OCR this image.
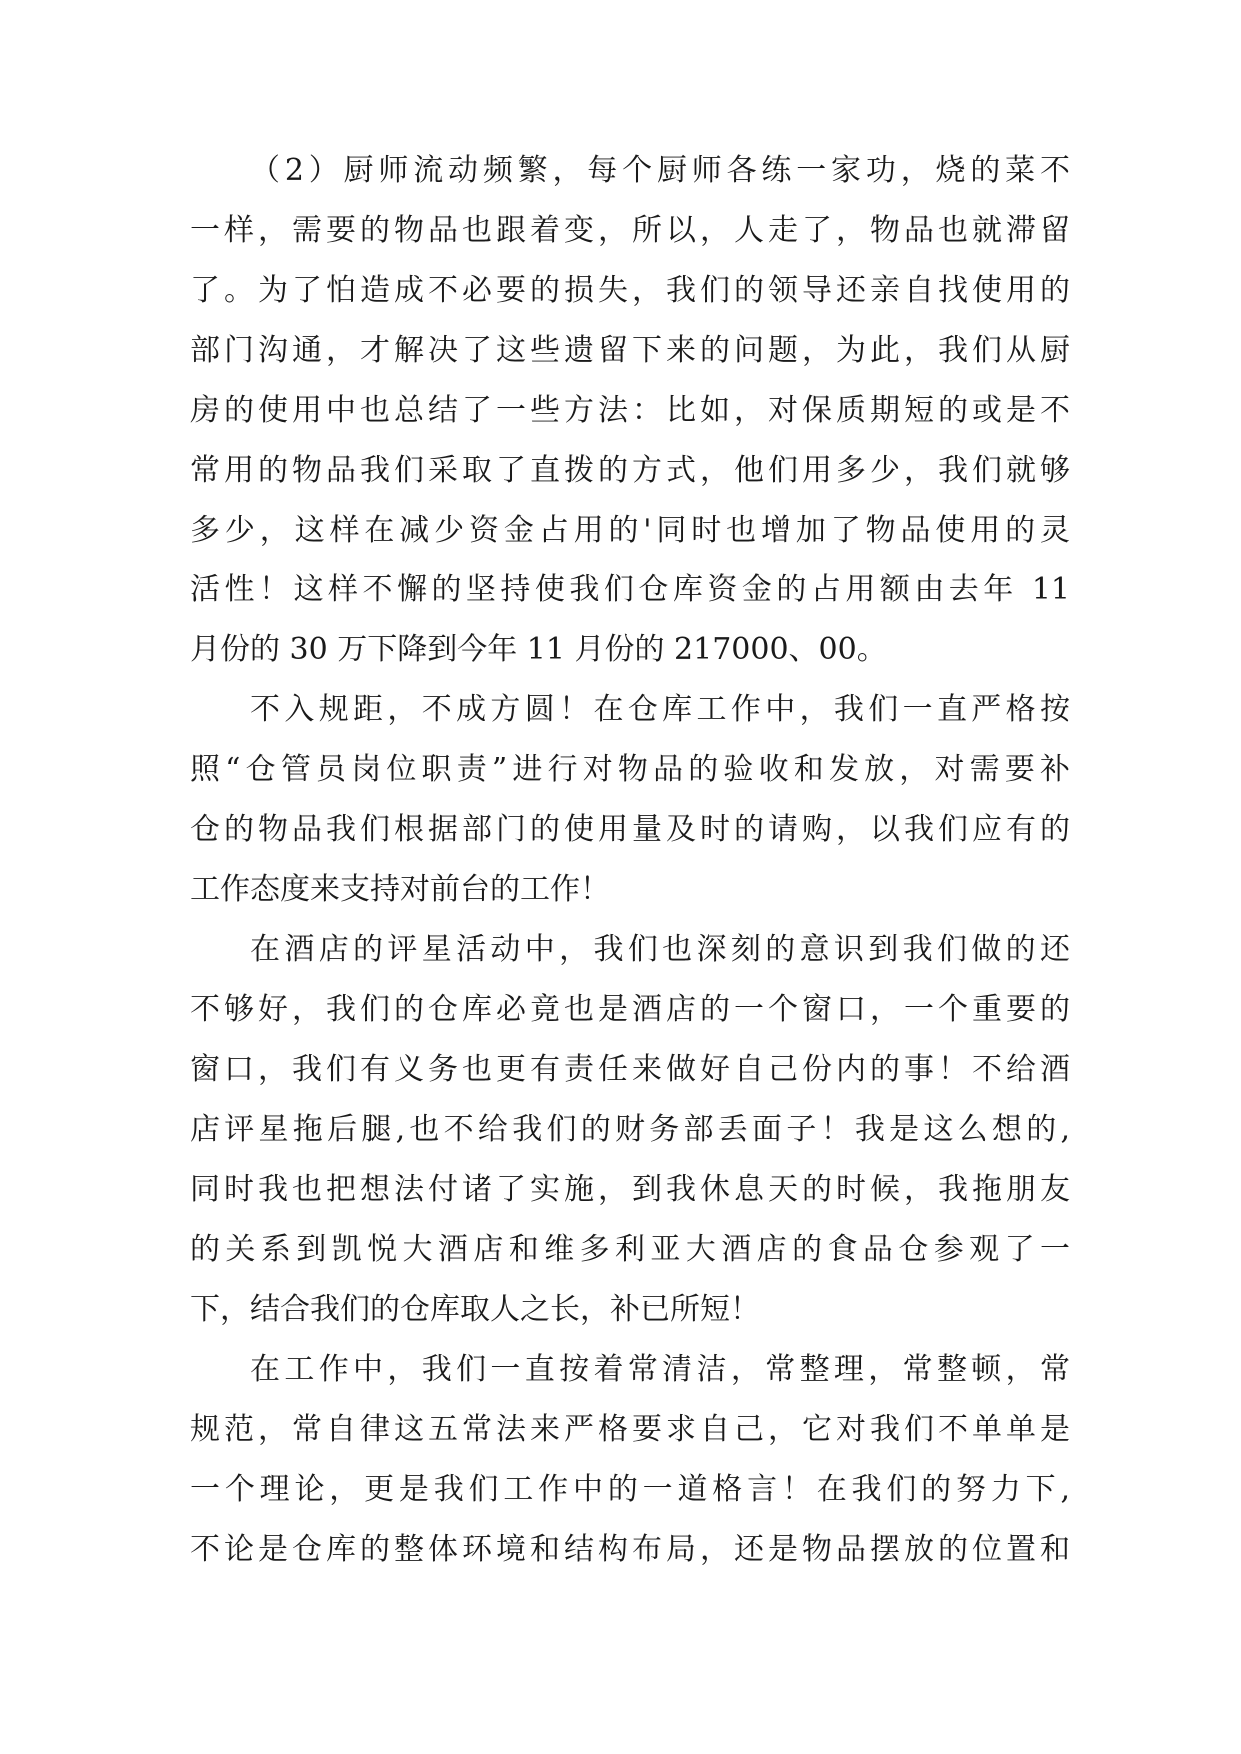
（2）厨师流动频繁，每个厨师各练一家功，烧的菜不
一样，需要的物品也跟着变，所以，人走了，物品也就滞留
了。为了怕造成不必要的损失，我们的领导还亲自找使用的
部门沟通，才解决了这些遗留下来的问题，为此，我们从厨
房的使用中也总结了一些方法：比如，对保质期短的或是不
常用的物品我们采取了直拨的方式，他们用多少，我们就够
多少，这样在减少资金占用的'同时也增加了物品使用的灵
活性！这样不懈的坚持使我们仓库资金的占用额由去年 11
月份的 30 万下降到今年 11 月份的 217000、00。
不入规距，不成方圆！在仓库工作中，我们一直严格按
照“仓管员岗位职责”进行对物品的验收和发放，对需要补
仓的物品我们根据部门的使用量及时的请购，以我们应有的
工作态度来支持对前台的工作！
在酒店的评星活动中，我们也深刻的意识到我们做的还
不够好，我们的仓库必竟也是酒店的一个窗口，一个重要的
窗口，我们有义务也更有责任来做好自己份内的事！不给酒
店评星拖后腿,也不给我们的财务部丢面子！我是这么想的,
同时我也把想法付诸了实施，到我休息天的时候，我拖朋友
的关系到凯悦大酒店和维多利亚大酒店的食品仓参观了一
下，结合我们的仓库取人之长，补已所短！
在工作中，我们一直按着常清洁，常整理，常整顿，常
规范，常自律这五常法来严格要求自己，它对我们不单单是
一个理论，更是我们工作中的一道格言！在我们的努力下,
不论是仓库的整体环境和结构布局，还是物品摆放的位置和
